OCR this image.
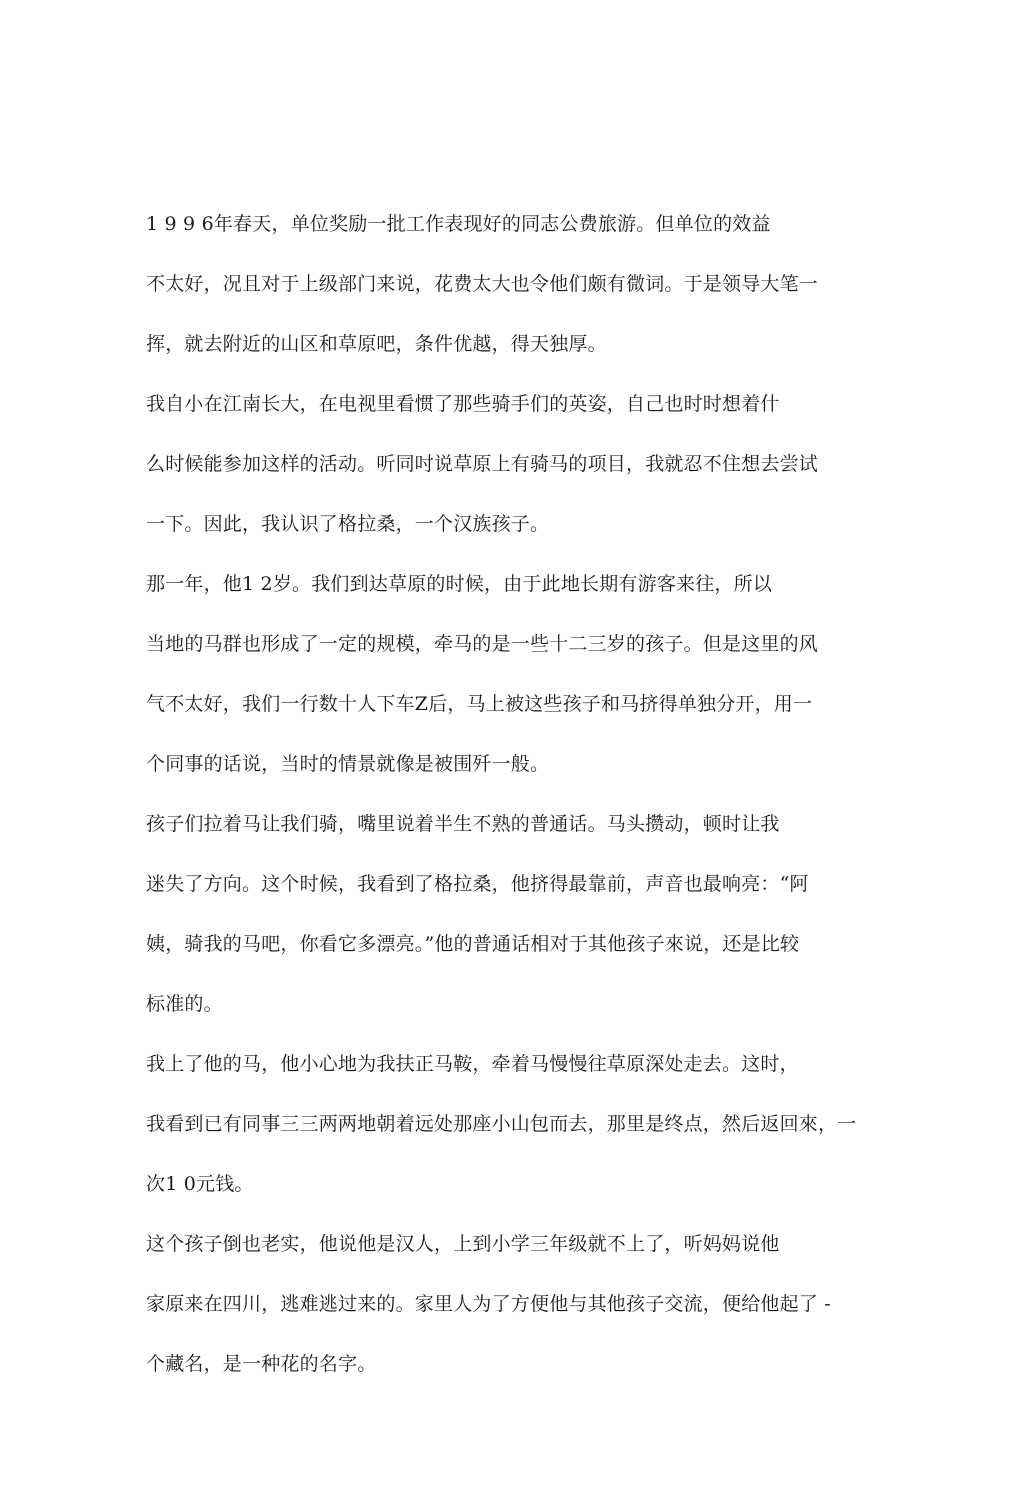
1 9 9 6年春天，单位奖励一批工作表现好的同志公费旅游。但单位的效益
不太好，况且对于上级部门来说，花费太大也令他们颇有微词。于是领导大笔一
挥，就去附近的山区和草原吧，条件优越，得天独厚。
我自小在江南长大，在电视里看惯了那些骑手们的英姿，自己也时时想着什
么时候能参加这样的活动。听同吋说草原上有骑马的项目，我就忍不住想去尝试
一下。因此，我认识了格拉桑，一个汉族孩子。
那一年，他1 2岁。我们到达草原的时候，由于此地长期有游客来往，所以
当地的马群也形成了一定的规模，牵马的是一些十二三岁的孩子。但是这里的风
气不太好，我们一行数十人下车Z后，马上被这些孩子和马挤得单独分开，用一
个同事的话说，当时的情景就像是被围歼一般。
孩子们拉着马让我们骑，嘴里说着半生不熟的普通话。马头攒动，顿时让我
迷失了方向。这个时候，我看到了格拉桑，他挤得最靠前，声音也最响亮：“阿
姨，骑我的马吧，你看它多漂亮。”他的普通话相对于其他孩子來说，还是比较
标准的。
我上了他的马，他小心地为我扶正马鞍，牵着马慢慢往草原深处走去。这时，
我看到已有同事三三两两地朝着远处那座小山包而去，那里是终点，然后返回來，一
次1 0元钱。
这个孩子倒也老实，他说他是汉人，上到小学三年级就不上了，听妈妈说他
家原来在四川，逃难逃过来的。家里人为了方便他与其他孩子交流，便给他起了 -
个藏名，是一种花的名字。
